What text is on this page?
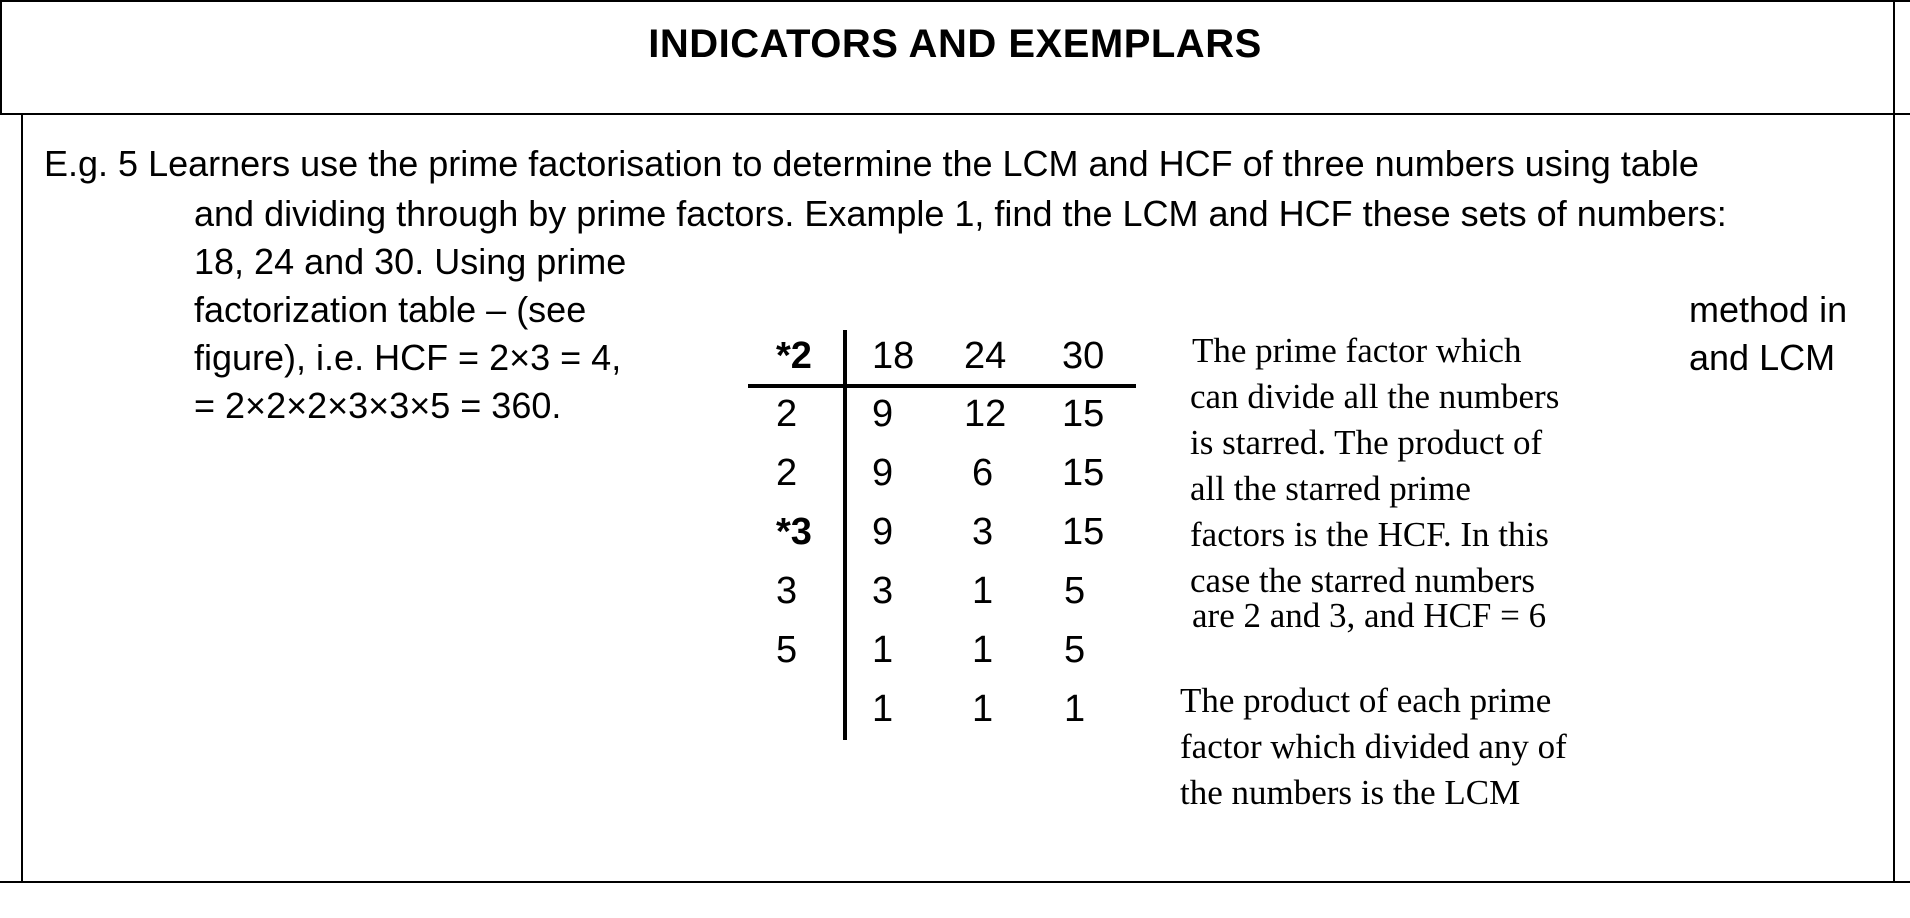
INDICATORS AND EXEMPLARS
E.g. 5 Learners use the prime factorisation to determine the LCM and HCF of three numbers using table
and dividing through by prime factors. Example 1, find the LCM and HCF these sets of numbers:
18, 24 and 30. Using prime
factorization table – (see
figure), i.e. HCF = 2×3 = 4,
= 2×2×2×3×3×5 = 360.
method in
and LCM
*2
2
2
*3
3
5
18 24 30
9 12 15
9 6 15
9 3 15
3 1 5
1 1 5
1 1 1
The prime factor which
can divide all the numbers
is starred. The product of
all the starred prime
factors is the HCF. In this
case the starred numbers
are 2 and 3, and HCF = 6
The product of each prime
factor which divided any of
the numbers is the LCM
